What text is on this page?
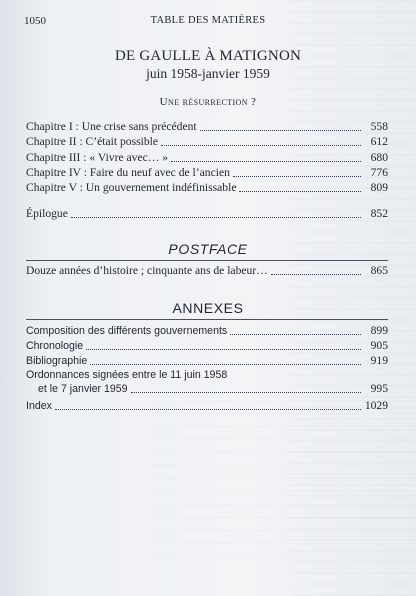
1050	TABLE DES MATIÈRES
DE GAULLE À MATIGNON
juin 1958-janvier 1959
Une résurrection ?
Chapitre I : Une crise sans précédent	558
Chapitre II : C’était possible	612
Chapitre III : « Vivre avec… »	680
Chapitre IV : Faire du neuf avec de l’ancien	776
Chapitre V : Un gouvernement indéfinissable	809
Épilogue	852
POSTFACE
Douze années d’histoire ; cinquante ans de labeur…	865
ANNEXES
Composition des différents gouvernements	899
Chronologie	905
Bibliographie	919
Ordonnances signées entre le 11 juin 1958
et le 7 janvier 1959	995
Index	1029
